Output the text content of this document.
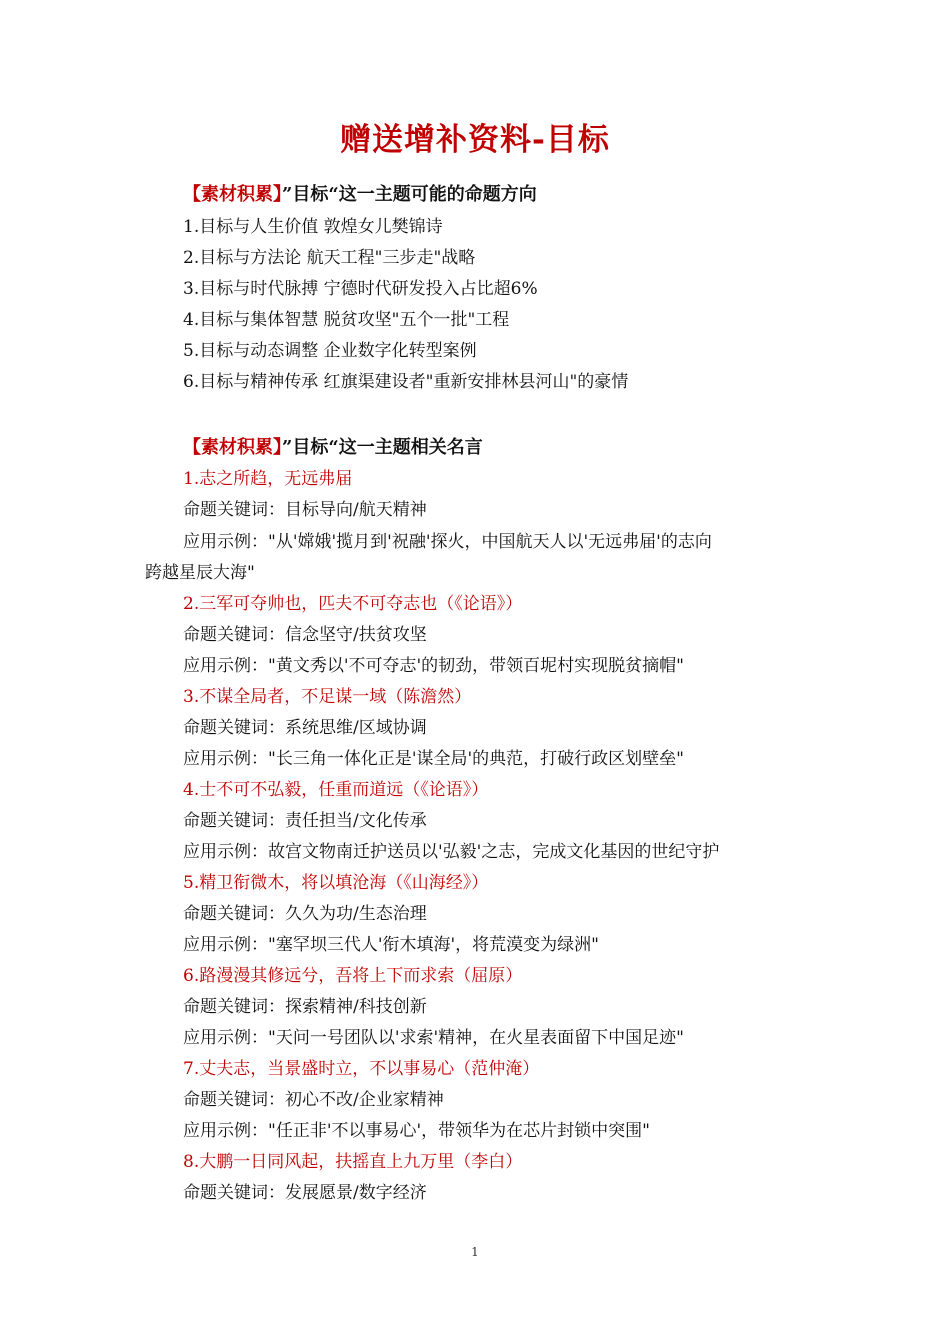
赠送增补资料-目标
【素材积累】”目标“这一主题可能的命题方向
1.目标与人生价值 敦煌女儿樊锦诗
2.目标与方法论 航天工程"三步走"战略
3.目标与时代脉搏 宁德时代研发投入占比超6%
4.目标与集体智慧 脱贫攻坚"五个一批"工程
5.目标与动态调整 企业数字化转型案例
6.目标与精神传承 红旗渠建设者"重新安排林县河山"的豪情
【素材积累】”目标“这一主题相关名言
1.志之所趋，无远弗届
命题关键词：目标导向/航天精神
应用示例："从'嫦娥'揽月到'祝融'探火，中国航天人以'无远弗届'的志向
跨越星辰大海"
2.三军可夺帅也，匹夫不可夺志也（《论语》）
命题关键词：信念坚守/扶贫攻坚
应用示例："黄文秀以'不可夺志'的韧劲，带领百坭村实现脱贫摘帽"
3.不谋全局者，不足谋一域（陈澹然）
命题关键词：系统思维/区域协调
应用示例："长三角一体化正是'谋全局'的典范，打破行政区划壁垒"
4.士不可不弘毅，任重而道远（《论语》）
命题关键词：责任担当/文化传承
应用示例：故宫文物南迁护送员以'弘毅'之志，完成文化基因的世纪守护
5.精卫衔微木，将以填沧海（《山海经》）
命题关键词：久久为功/生态治理
应用示例："塞罕坝三代人'衔木填海'，将荒漠变为绿洲"
6.路漫漫其修远兮，吾将上下而求索（屈原）
命题关键词：探索精神/科技创新
应用示例："天问一号团队以'求索'精神，在火星表面留下中国足迹"
7.丈夫志，当景盛时立，不以事易心（范仲淹）
命题关键词：初心不改/企业家精神
应用示例："任正非'不以事易心'，带领华为在芯片封锁中突围"
8.大鹏一日同风起，扶摇直上九万里（李白）
命题关键词：发展愿景/数字经济
1
